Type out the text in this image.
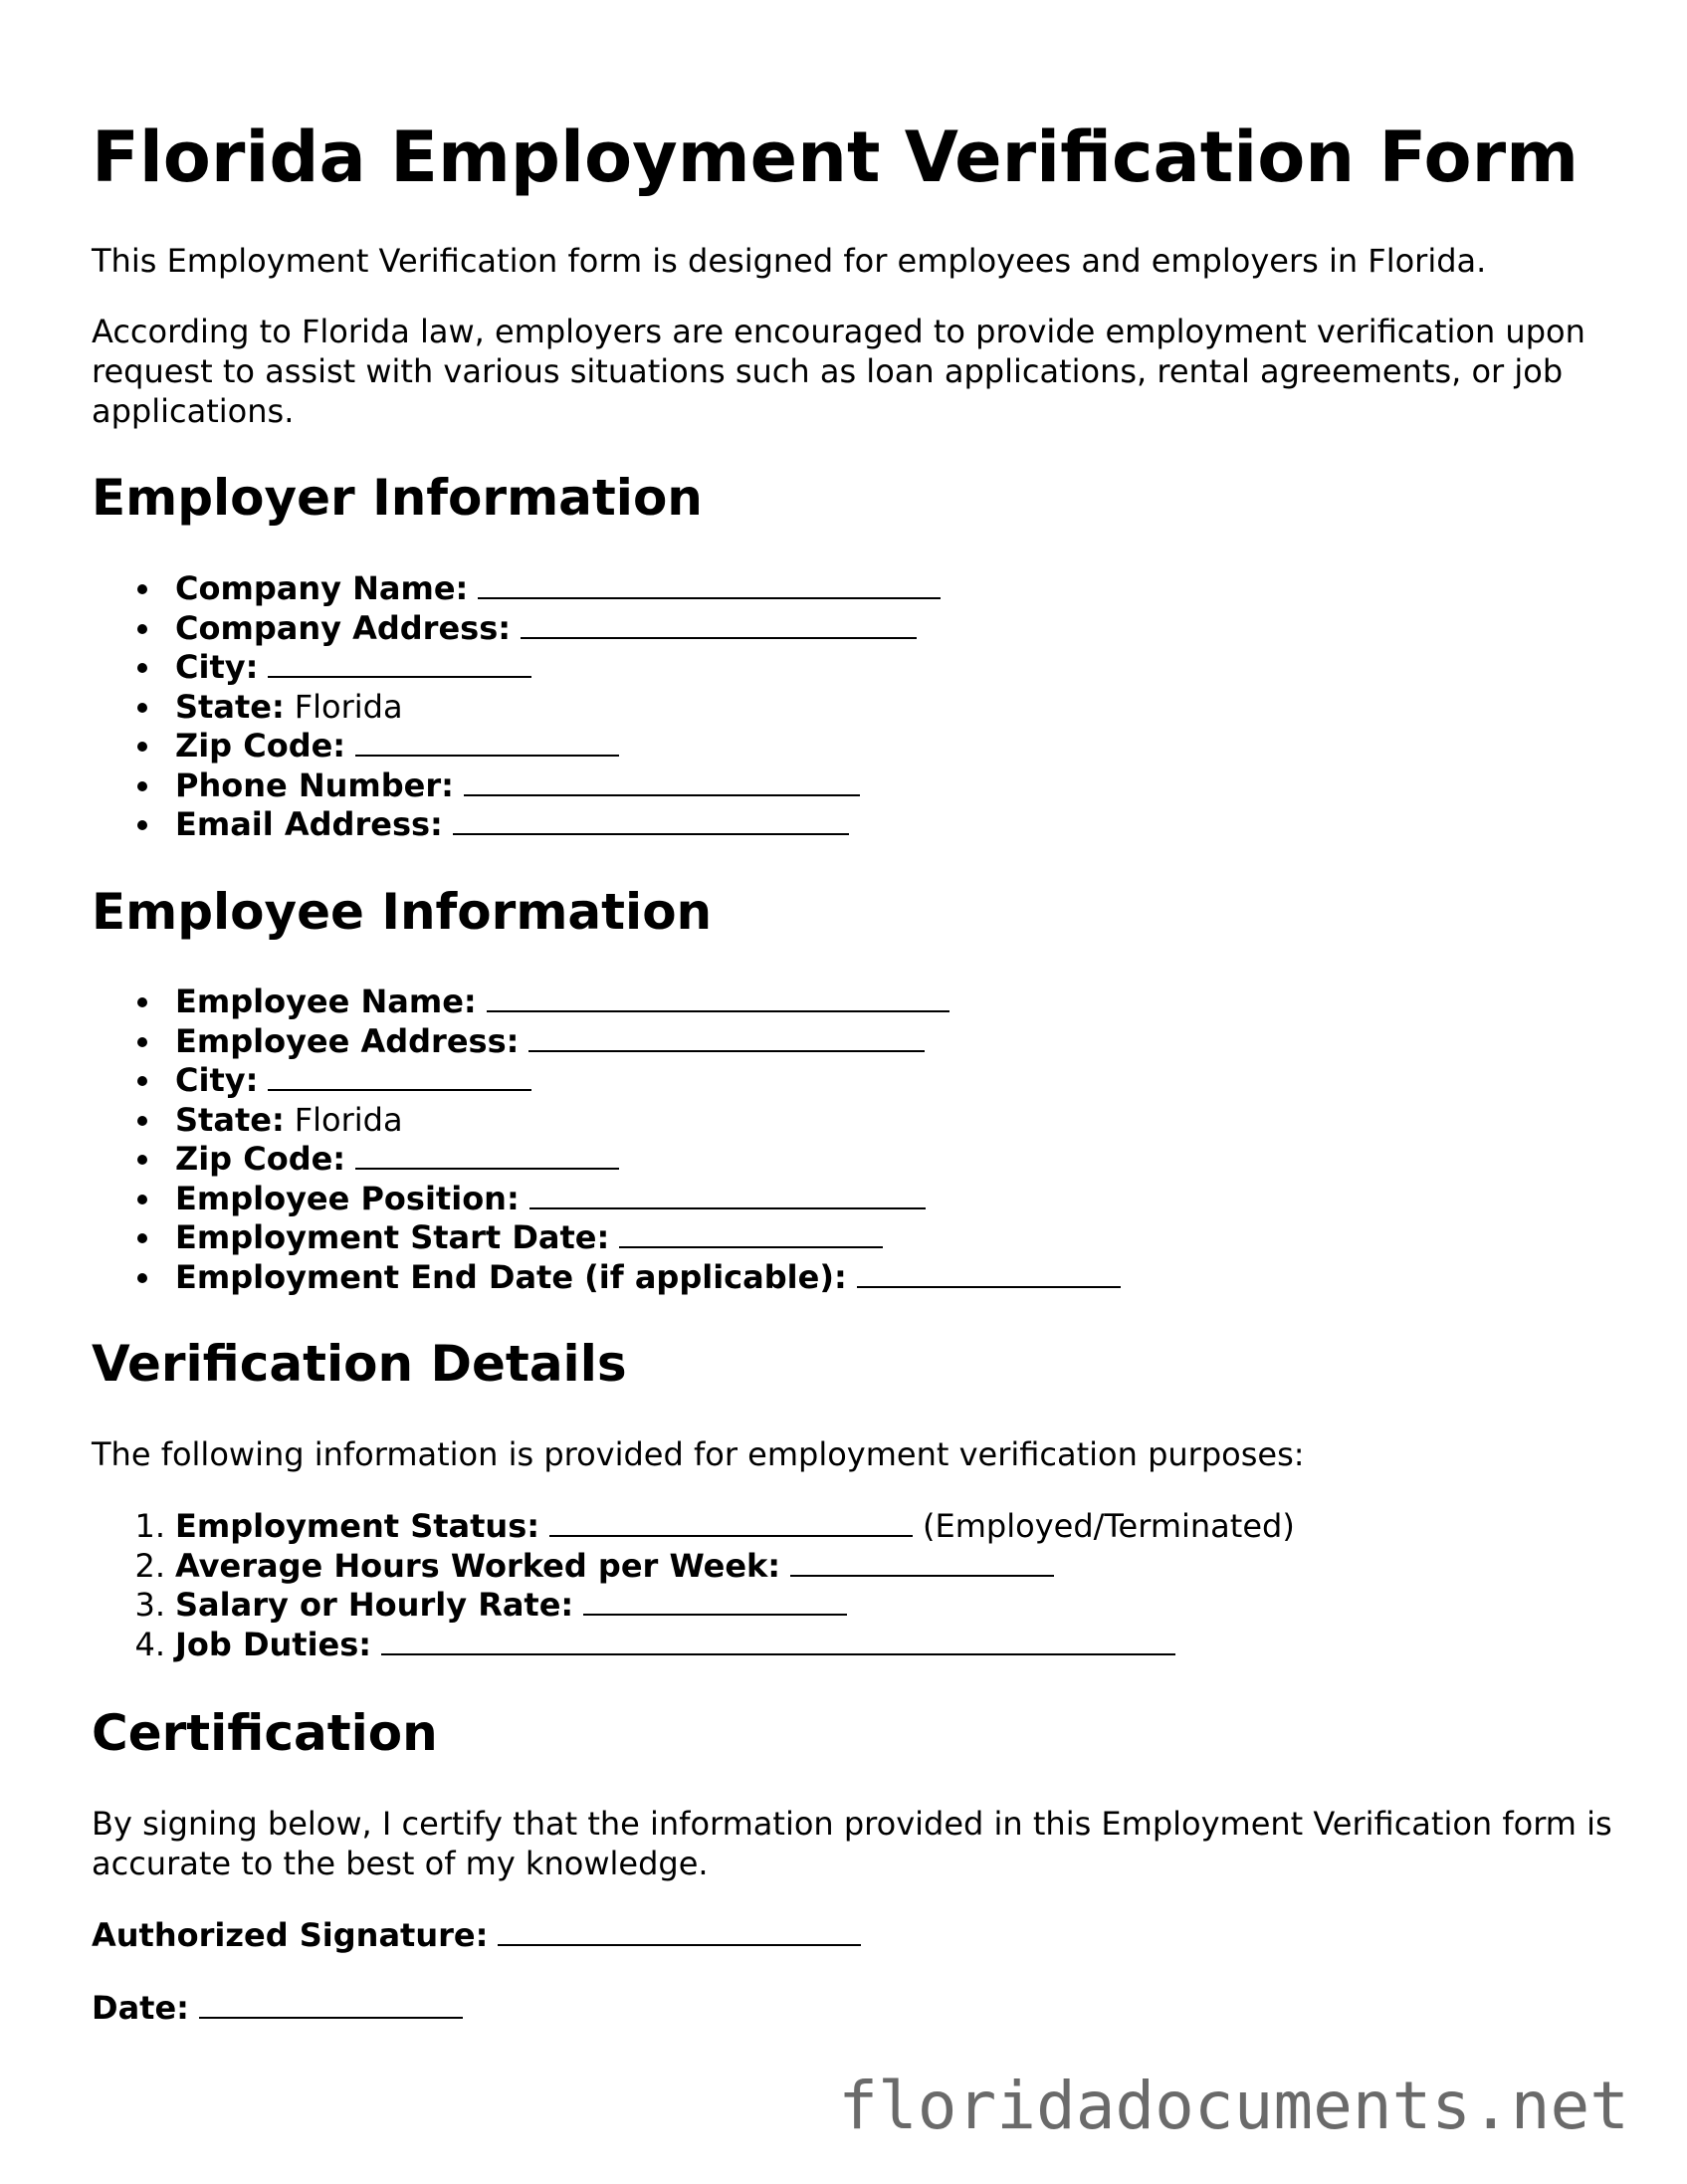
Florida Employment Verification Form

This Employment Verification form is designed for employees and employers in Florida.

According to Florida law, employers are encouraged to provide employment verification upon request to assist with various situations such as loan applications, rental agreements, or job applications.

Employer Information
Company Name:
Company Address:
City:
State: Florida
Zip Code:
Phone Number:
Email Address:
Employee Information
Employee Name:
Employee Address:
City:
State: Florida
Zip Code:
Employee Position:
Employment Start Date:
Employment End Date (if applicable):
Verification Details

The following information is provided for employment verification purposes:

1. Employment Status:	(Employed/Terminated)
2. Average Hours Worked per Week:
3. Salary or Hourly Rate:
4. Job Duties:
Certification

By signing below, I certify that the information provided in this Employment Verification form is accurate to the best of my knowledge.

Authorized Signature:

Date:

floridadocuments.net
